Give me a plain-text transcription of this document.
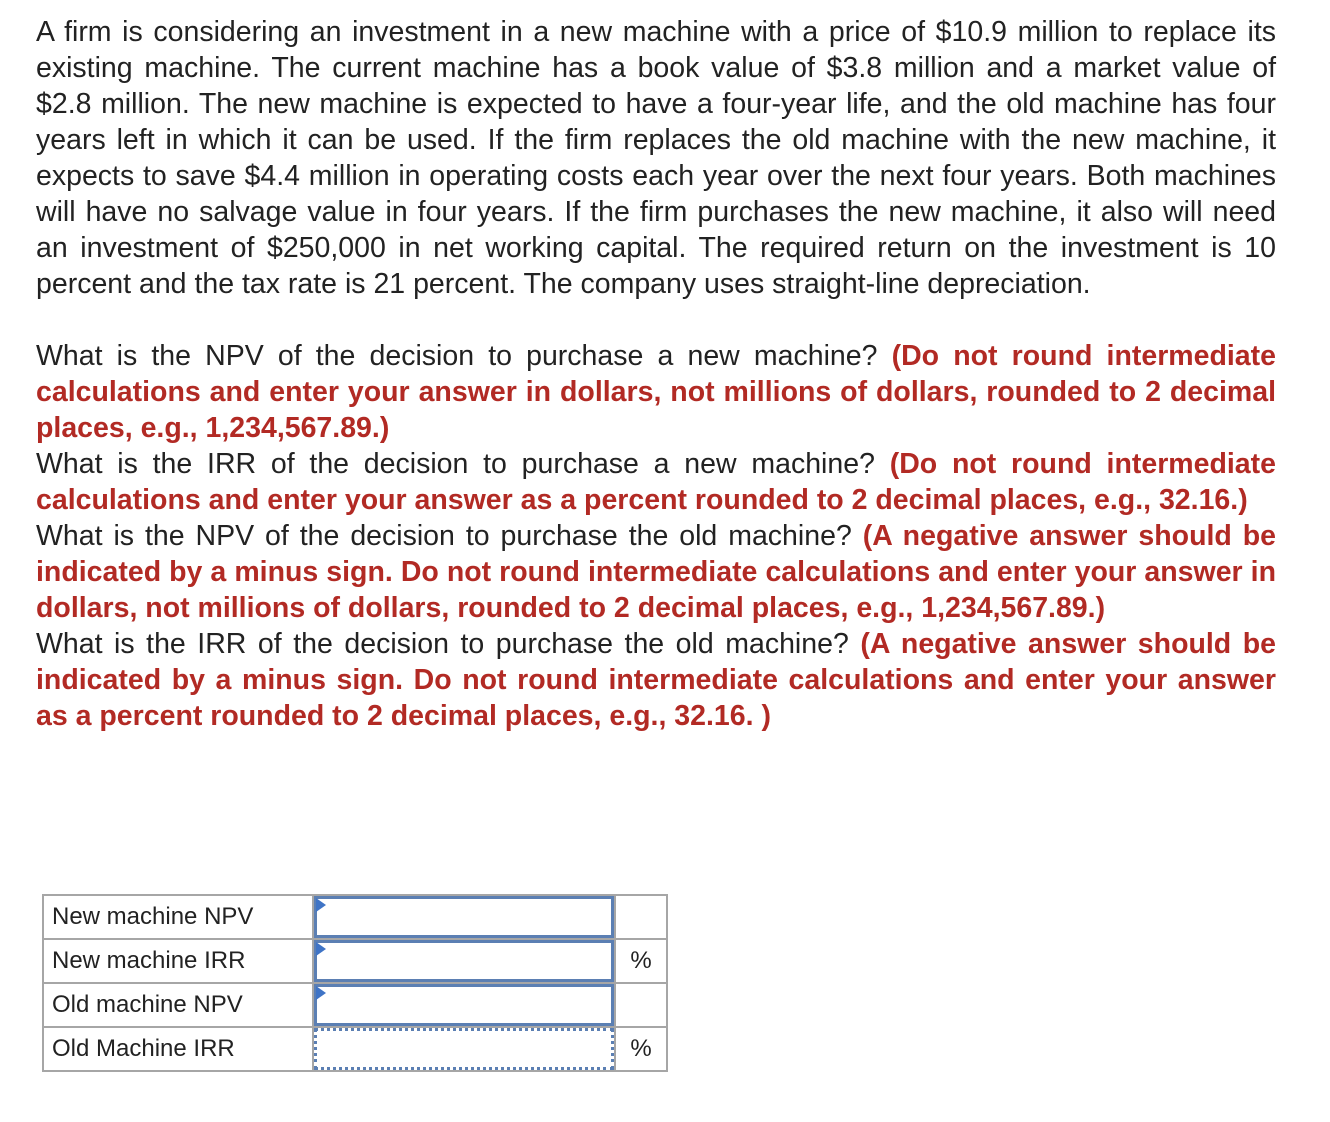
A firm is considering an investment in a new machine with a price of $10.9 million to replace its existing machine. The current machine has a book value of $3.8 million and a market value of $2.8 million. The new machine is expected to have a four-year life, and the old machine has four years left in which it can be used. If the firm replaces the old machine with the new machine, it expects to save $4.4 million in operating costs each year over the next four years. Both machines will have no salvage value in four years. If the firm purchases the new machine, it also will need an investment of $250,000 in net working capital. The required return on the investment is 10 percent and the tax rate is 21 percent. The company uses straight-line depreciation.

What is the NPV of the decision to purchase a new machine? (Do not round intermediate calculations and enter your answer in dollars, not millions of dollars, rounded to 2 decimal places, e.g., 1,234,567.89.)

What is the IRR of the decision to purchase a new machine? (Do not round intermediate calculations and enter your answer as a percent rounded to 2 decimal places, e.g., 32.16.)

What is the NPV of the decision to purchase the old machine? (A negative answer should be indicated by a minus sign. Do not round intermediate calculations and enter your answer in dollars, not millions of dollars, rounded to 2 decimal places, e.g., 1,234,567.89.)

What is the IRR of the decision to purchase the old machine? (A negative answer should be indicated by a minus sign. Do not round intermediate calculations and enter your answer as a percent rounded to 2 decimal places, e.g., 32.16. )

New machine NPV	

New machine IRR		%
Old machine NPV	

Old Machine IRR		%
